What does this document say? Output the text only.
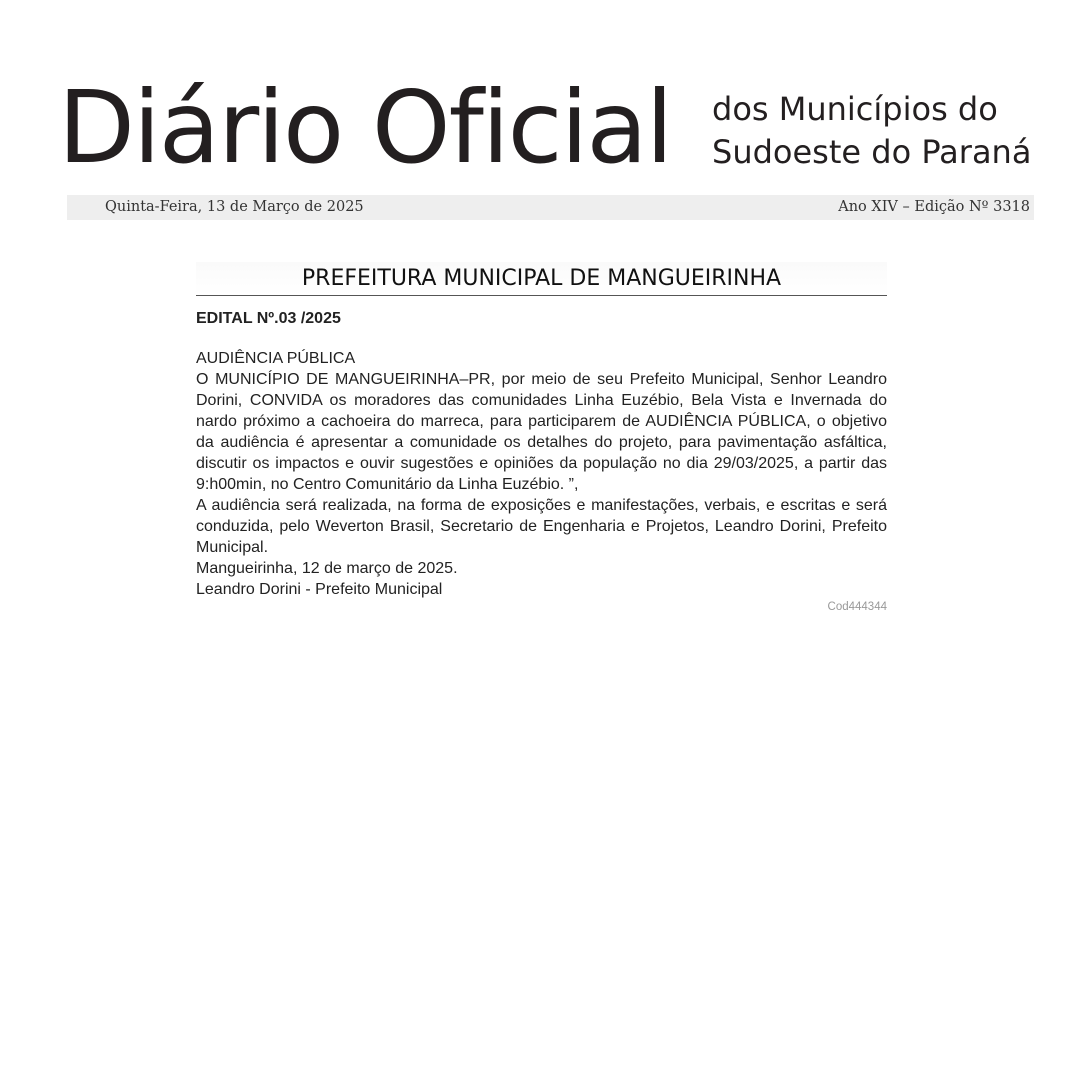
Diário Oficial dos Municípios do
Sudoeste do Paraná
Quinta-Feira, 13 de Março de 2025	Ano XIV – Edição Nº 3318
PREFEITURA MUNICIPAL DE MANGUEIRINHA
EDITAL Nº.03 /2025

AUDIÊNCIA PÚBLICA

O MUNICÍPIO DE MANGUEIRINHA–PR, por meio de seu Prefeito Municipal, Senhor Leandro Dorini, CONVIDA os moradores das comunidades Linha Euzébio, Bela Vista e Invernada do nardo próximo a cachoeira do marreca, para participarem de AUDIÊNCIA PÚBLICA, o objetivo da audiência é apresentar a comunidade os detalhes do projeto, para pavimentação asfáltica, discutir os impactos e ouvir sugestões e opiniões da população no dia 29/03/2025, a partir das 9:h00min, no Centro Comunitário da Linha Euzébio. ”,

A audiência será realizada, na forma de exposições e manifestações, verbais, e escritas e será conduzida, pelo Weverton Brasil, Secretario de Engenharia e Projetos, Leandro Dorini, Prefeito Municipal.

Mangueirinha, 12 de março de 2025.

Leandro Dorini - Prefeito Municipal

Cod444344
